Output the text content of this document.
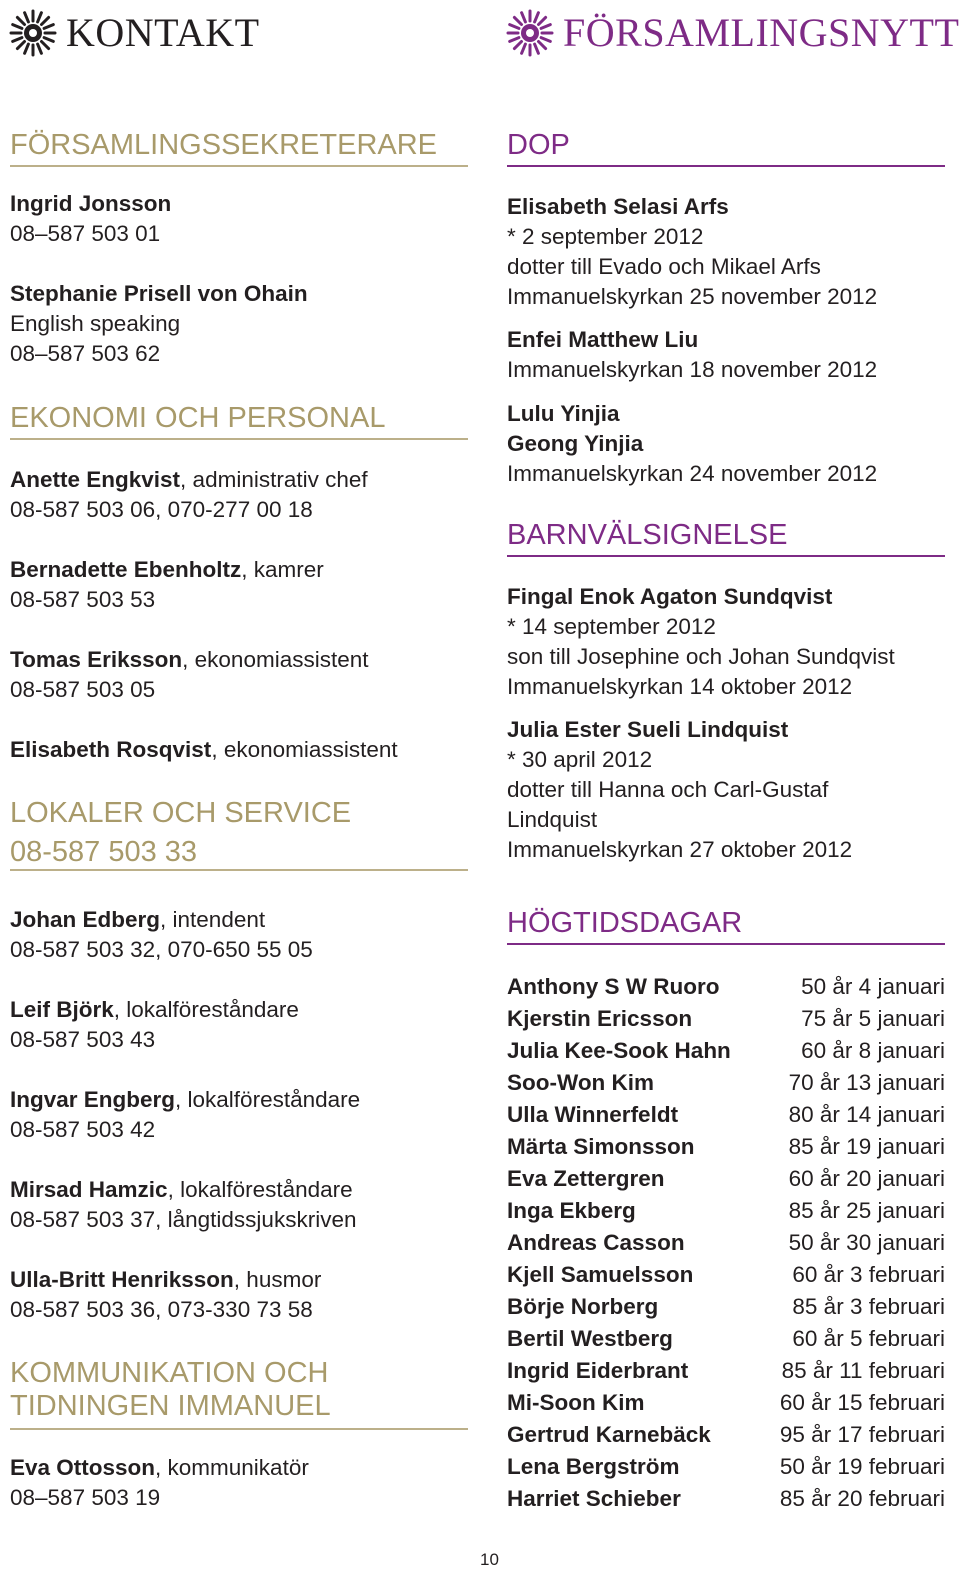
KONTAKT	FÖRSAMLINGSNYTT
FÖRSAMLINGSSEKRETERARE
Ingrid Jonsson
08–587 503 01
Stephanie Prisell von Ohain
English speaking
08–587 503 62
EKONOMI OCH PERSONAL
Anette Engkvist, administrativ chef
08-587 503 06, 070-277 00 18
Bernadette Ebenholtz, kamrer
08-587 503 53
Tomas Eriksson, ekonomiassistent
08-587 503 05
Elisabeth Rosqvist, ekonomiassistent
LOKALER OCH SERVICE
08-587 503 33
Johan Edberg, intendent
08-587 503 32, 070-650 55 05
Leif Björk, lokalföreståndare
08-587 503 43
Ingvar Engberg, lokalföreståndare
08-587 503 42
Mirsad Hamzic, lokalföreståndare
08-587 503 37, långtidssjukskriven
Ulla-Britt Henriksson, husmor
08-587 503 36, 073-330 73 58
KOMMUNIKATION OCH
TIDNINGEN IMMANUEL
Eva Ottosson, kommunikatör
08–587 503 19
DOP
Elisabeth Selasi Arfs
* 2 september 2012
dotter till Evado och Mikael Arfs
Immanuelskyrkan 25 november 2012
Enfei Matthew Liu
Immanuelskyrkan 18 november 2012
Lulu Yinjia
Geong Yinjia
Immanuelskyrkan 24 november 2012
BARNVÄLSIGNELSE
Fingal Enok Agaton Sundqvist
* 14 september 2012
son till Josephine och Johan Sundqvist
Immanuelskyrkan 14 oktober 2012
Julia Ester Sueli Lindquist
* 30 april 2012
dotter till Hanna och Carl-Gustaf
Lindquist
Immanuelskyrkan 27 oktober 2012
HÖGTIDSDAGAR
Anthony S W Ruoro	50 år 4 januari
Kjerstin Ericsson	75 år 5 januari
Julia Kee-Sook Hahn	60 år 8 januari
Soo-Won Kim	70 år 13 januari
Ulla Winnerfeldt	80 år 14 januari
Märta Simonsson	85 år 19 januari
Eva Zettergren	60 år 20 januari
Inga Ekberg	85 år 25 januari
Andreas Casson	50 år 30 januari
Kjell Samuelsson	60 år 3 februari
Börje Norberg	85 år 3 februari
Bertil Westberg	60 år 5 februari
Ingrid Eiderbrant	85 år 11 februari
Mi-Soon Kim	60 år 15 februari
Gertrud Karnebäck	95 år 17 februari
Lena Bergström	50 år 19 februari
Harriet Schieber	85 år 20 februari
10
